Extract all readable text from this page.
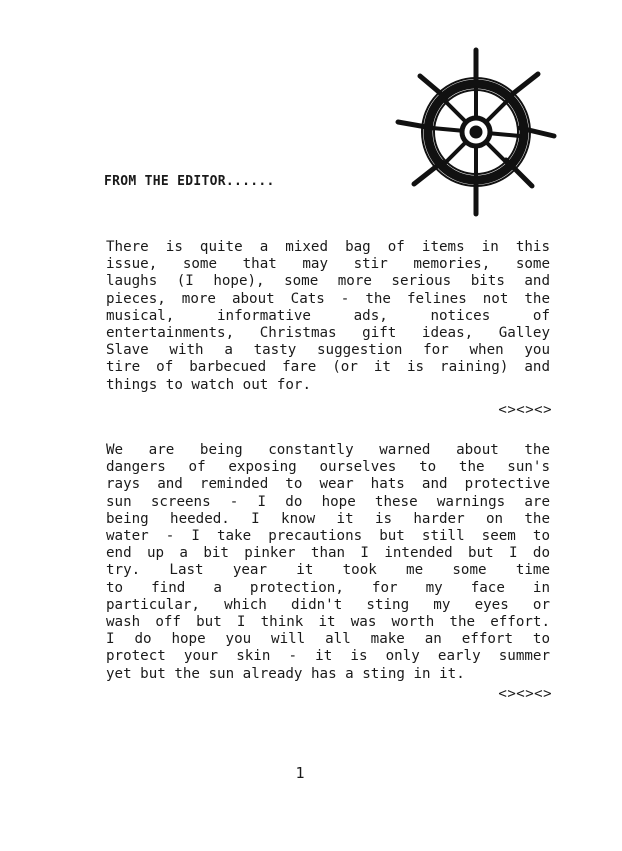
FROM THE EDITOR......
There is quite a mixed bag of items in this
issue, some that may stir memories, some
laughs (I hope), some more serious bits and
pieces, more about Cats - the felines not the
musical, informative ads, notices of
entertainments, Christmas gift ideas, Galley
Slave with a tasty suggestion for when you
tire of barbecued fare (or it is raining) and
things to watch out for.
<><><>
We are being constantly warned about the
dangers of exposing ourselves to the sun's
rays and reminded to wear hats and protective
sun screens - I do hope these warnings are
being heeded. I know it is harder on the
water - I take precautions but still seem to
end up a bit pinker than I intended but I do
try. Last year it took me some time
to find a protection, for my face in
particular, which didn't sting my eyes or
wash off but I think it was worth the effort.
I do hope you will all make an effort to
protect your skin - it is only early summer
yet but the sun already has a sting in it.
<><><>
1
